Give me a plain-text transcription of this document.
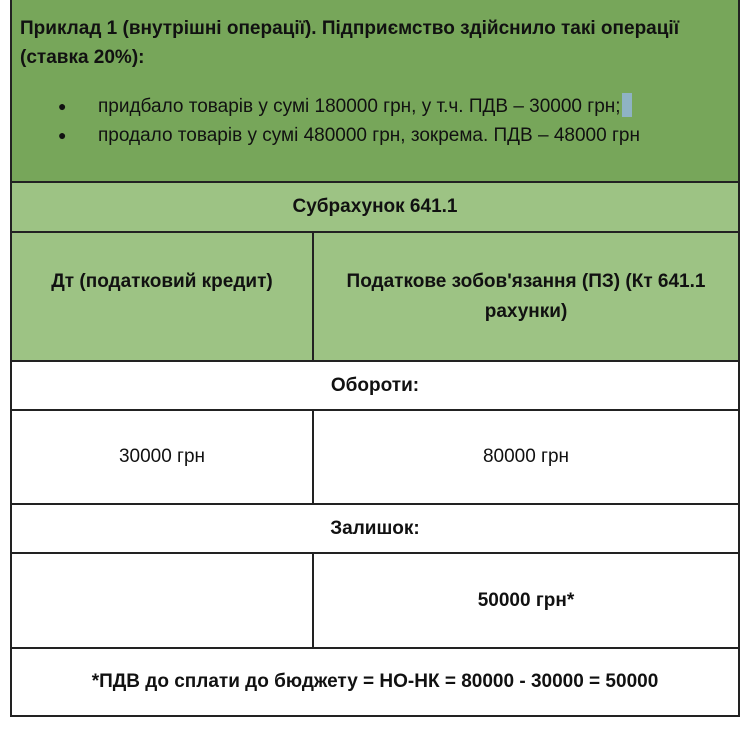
Приклад 1 (внутрішні операції). Підприємство здійснило такі операції (ставка 20%):

● придбало товарів у сумі 180000 грн, у т.ч. ПДВ – 30000 грн;
● продало товарів у сумі 480000 грн, зокрема. ПДВ – 48000 грн
Субрахунок 641.1
Дт (податковий кредит)	Податкове зобов'язання (ПЗ) (Кт 641.1 рахунки)
Обороти:
30000 грн	80000 грн
Залишок:
50000 грн*
*ПДВ до сплати до бюджету = НО-НК = 80000 - 30000 = 50000
